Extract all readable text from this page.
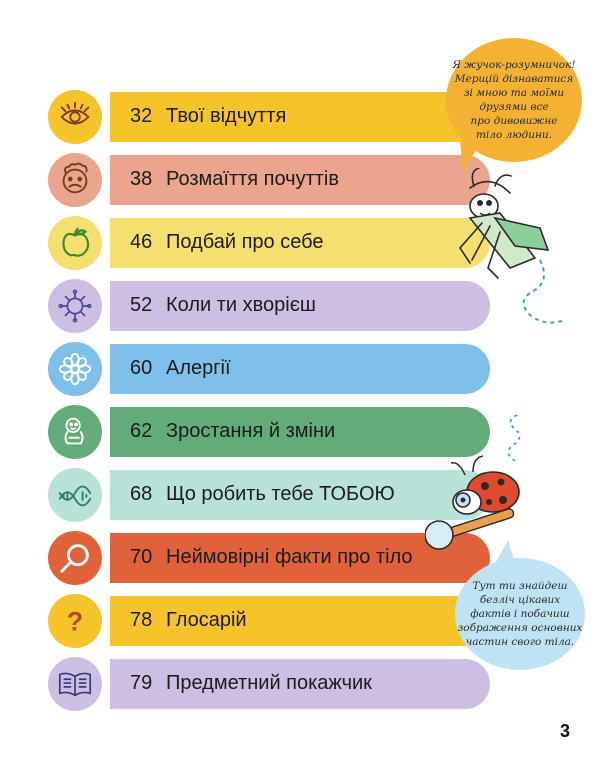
32 Твої відчуття
38 Розмаїття почуттів
46 Подбай про себе
52 Коли ти хворієш
60 Алергії
62 Зростання й зміни
68 Що робить тебе ТОБОЮ
70 Неймовірні факти про тіло
? 78 Глосарій
79 Предметний покажчик
Я жучок-розумничок!
Мерщій дізнаватися
зі мною та моїми
друзями все
про дивовижне
тіло людини.
Тут ти знайдеш
безліч цікавих
фактів і побачиш
зображення основних
частин свого тіла.
3
